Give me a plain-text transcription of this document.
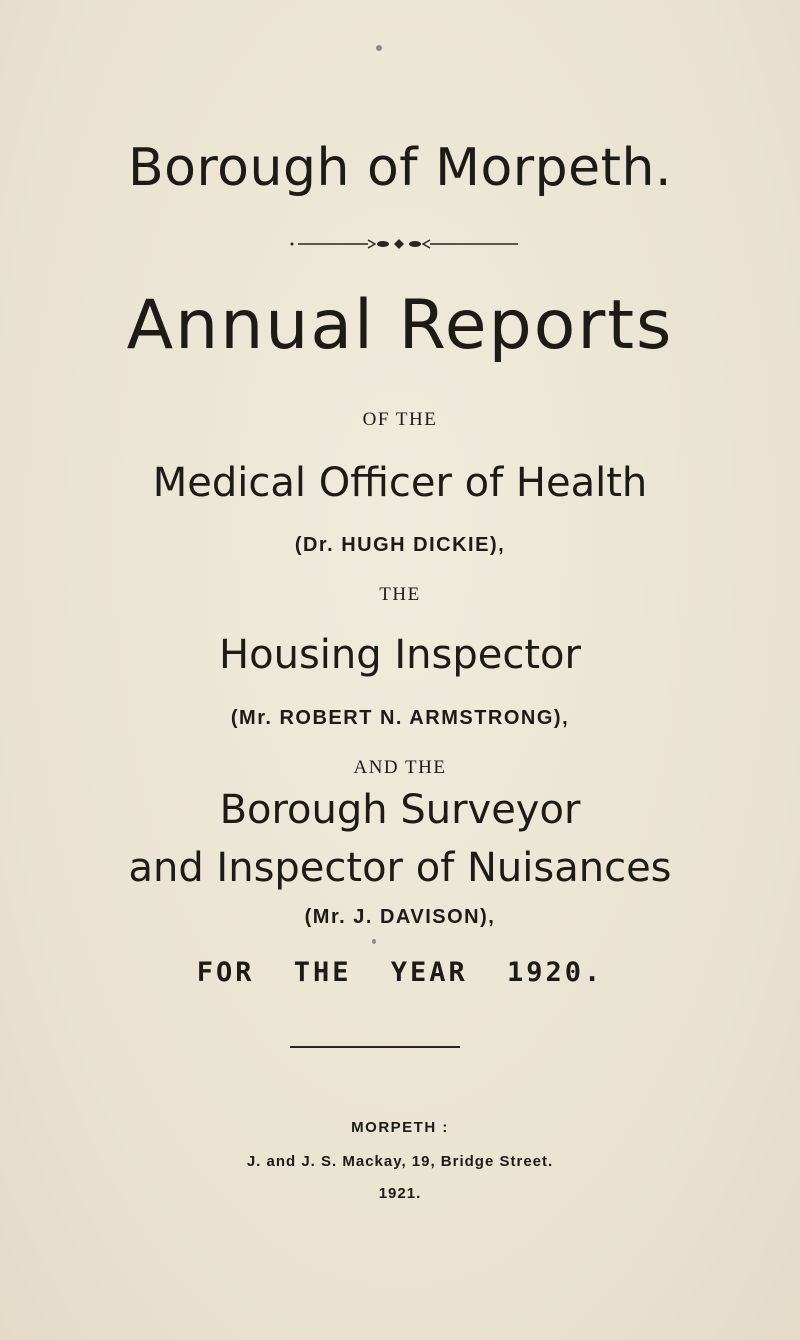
Borough of Morpeth.
Annual Reports
OF THE
Medical Officer of Health
(Dr. HUGH DICKIE),
THE
Housing Inspector
(Mr. ROBERT N. ARMSTRONG),
AND THE
Borough Surveyor
and Inspector of Nuisances
(Mr. J. DAVISON),
FOR THE YEAR 1920.
MORPETH :
J. and J. S. Mackay, 19, Bridge Street.
1921.
